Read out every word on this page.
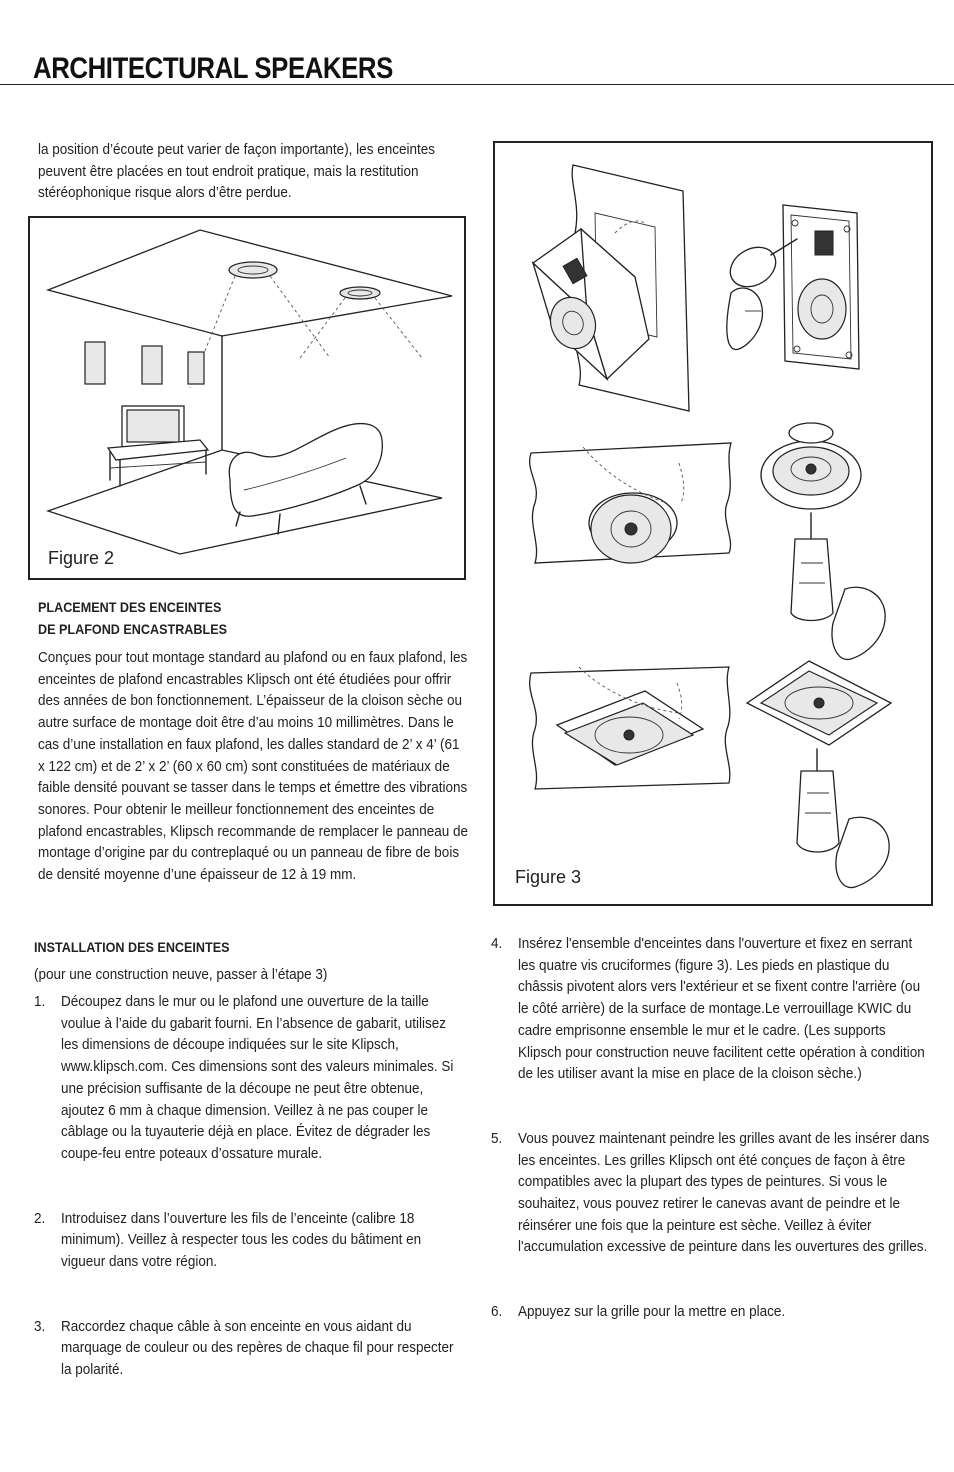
ARCHITECTURAL SPEAKERS

la position d’écoute peut varier de façon importante), les enceintes peuvent être placées en tout endroit pratique, mais la restitution stéréophonique risque alors d’être perdue.

Figure 2
PLACEMENT DES ENCEINTES
DE PLAFOND ENCASTRABLES

Conçues pour tout montage standard au plafond ou en faux plafond, les enceintes de plafond encastrables Klipsch ont été étudiées pour offrir des années de bon fonctionnement. L’épaisseur de la cloison sèche ou autre surface de montage doit être d’au moins 10 millimètres. Dans le cas d’une installation en faux plafond, les dalles standard de 2’ x 4’ (61 x 122 cm) et de 2’ x 2’ (60 x 60 cm) sont constituées de matériaux de faible densité pouvant se tasser dans le temps et émettre des vibrations sonores. Pour obtenir le meilleur fonctionnement des enceintes de plafond encastrables, Klipsch recommande de remplacer le panneau de montage d’origine par du contreplaqué ou un panneau de fibre de bois de densité moyenne d’une épaisseur de 12 à 19 mm.

INSTALLATION DES ENCEINTES
(pour une construction neuve, passer à l’étape 3)
1. Découpez dans le mur ou le plafond une ouverture de la taille voulue à l’aide du gabarit fourni. En l’absence de gabarit, utilisez les dimensions de découpe indiquées sur le site Klipsch, www.klipsch.com. Ces dimensions sont des valeurs minimales. Si une précision suffisante de la découpe ne peut être obtenue, ajoutez 6 mm à chaque dimension. Veillez à ne pas couper le câblage ou la tuyauterie déjà en place. Évitez de dégrader les coupe-feu entre poteaux d’ossature murale.

2. Introduisez dans l’ouverture les fils de l’enceinte (calibre 18 minimum). Veillez à respecter tous les codes du bâtiment en vigueur dans votre région.

3. Raccordez chaque câble à son enceinte en vous aidant du marquage de couleur ou des repères de chaque fil pour respecter la polarité.

4. Insérez l'ensemble d'enceintes dans l'ouverture et fixez en serrant les quatre vis cruciformes (figure 3). Les pieds en plastique du châssis pivotent alors vers l'extérieur et se fixent contre l'arrière (ou le côté arrière) de la surface de montage.Le verrouillage KWIC du cadre emprisonne ensemble le mur et le cadre. (Les supports Klipsch pour construction neuve facilitent cette opération à condition de les utiliser avant la mise en place de la cloison sèche.)

5. Vous pouvez maintenant peindre les grilles avant de les insérer dans les enceintes. Les grilles Klipsch ont été conçues de façon à être compatibles avec la plupart des types de peintures. Si vous le souhaitez, vous pouvez retirer le canevas avant de peindre et le réinsérer une fois que la peinture est sèche. Veillez à éviter l'accumulation excessive de peinture dans les ouvertures des grilles.

6. Appuyez sur la grille pour la mettre en place.

Figure 3
